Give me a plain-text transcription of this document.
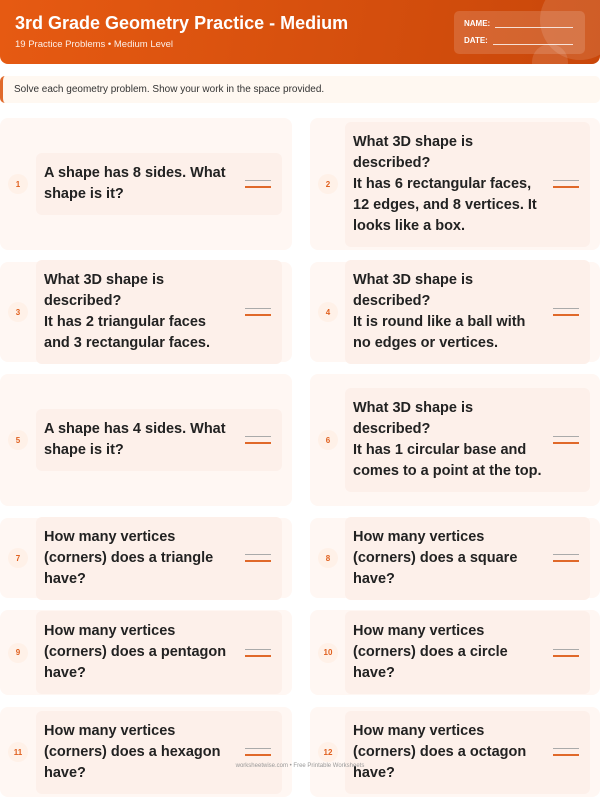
3rd Grade Geometry Practice - Medium
19 Practice Problems • Medium Level
NAME:
DATE:
Solve each geometry problem. Show your work in the space provided.
1
A shape has 8 sides. What shape is it?
2
What 3D shape is described?
It has 6 rectangular faces, 12 edges, and 8 vertices. It looks like a box.
3
What 3D shape is described?
It has 2 triangular faces and 3 rectangular faces.
4
What 3D shape is described?
It is round like a ball with no edges or vertices.
5
A shape has 4 sides. What shape is it?
6
What 3D shape is described?
It has 1 circular base and comes to a point at the top.
7
How many vertices (corners) does a triangle have?
8
How many vertices (corners) does a square have?
9
How many vertices (corners) does a pentagon have?
10
How many vertices (corners) does a circle have?
11
How many vertices (corners) does a hexagon have?
12
How many vertices (corners) does a octagon have?
worksheetwise.com • Free Printable Worksheets
